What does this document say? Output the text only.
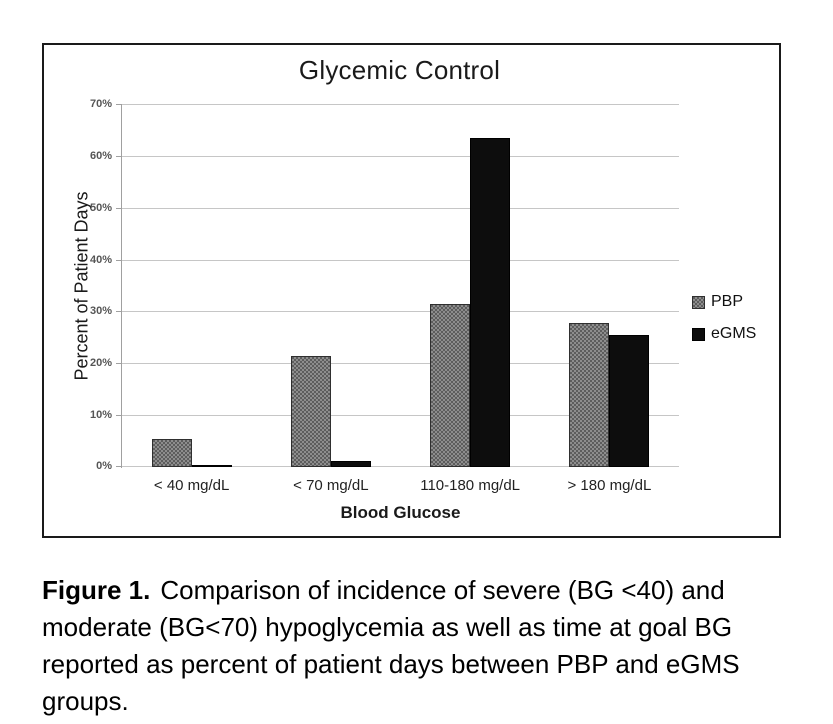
Glycemic Control
Percent of Patient Days
0%
10%
20%
30%
40%
50%
60%
70%
< 40 mg/dL	< 70 mg/dL	110-180 mg/dL	> 180 mg/dL
Blood Glucose
PBP
eGMS
Figure 1. Comparison of incidence of severe (BG <40) and
moderate (BG<70) hypoglycemia as well as time at goal BG
reported as percent of patient days between PBP and eGMS
groups.
